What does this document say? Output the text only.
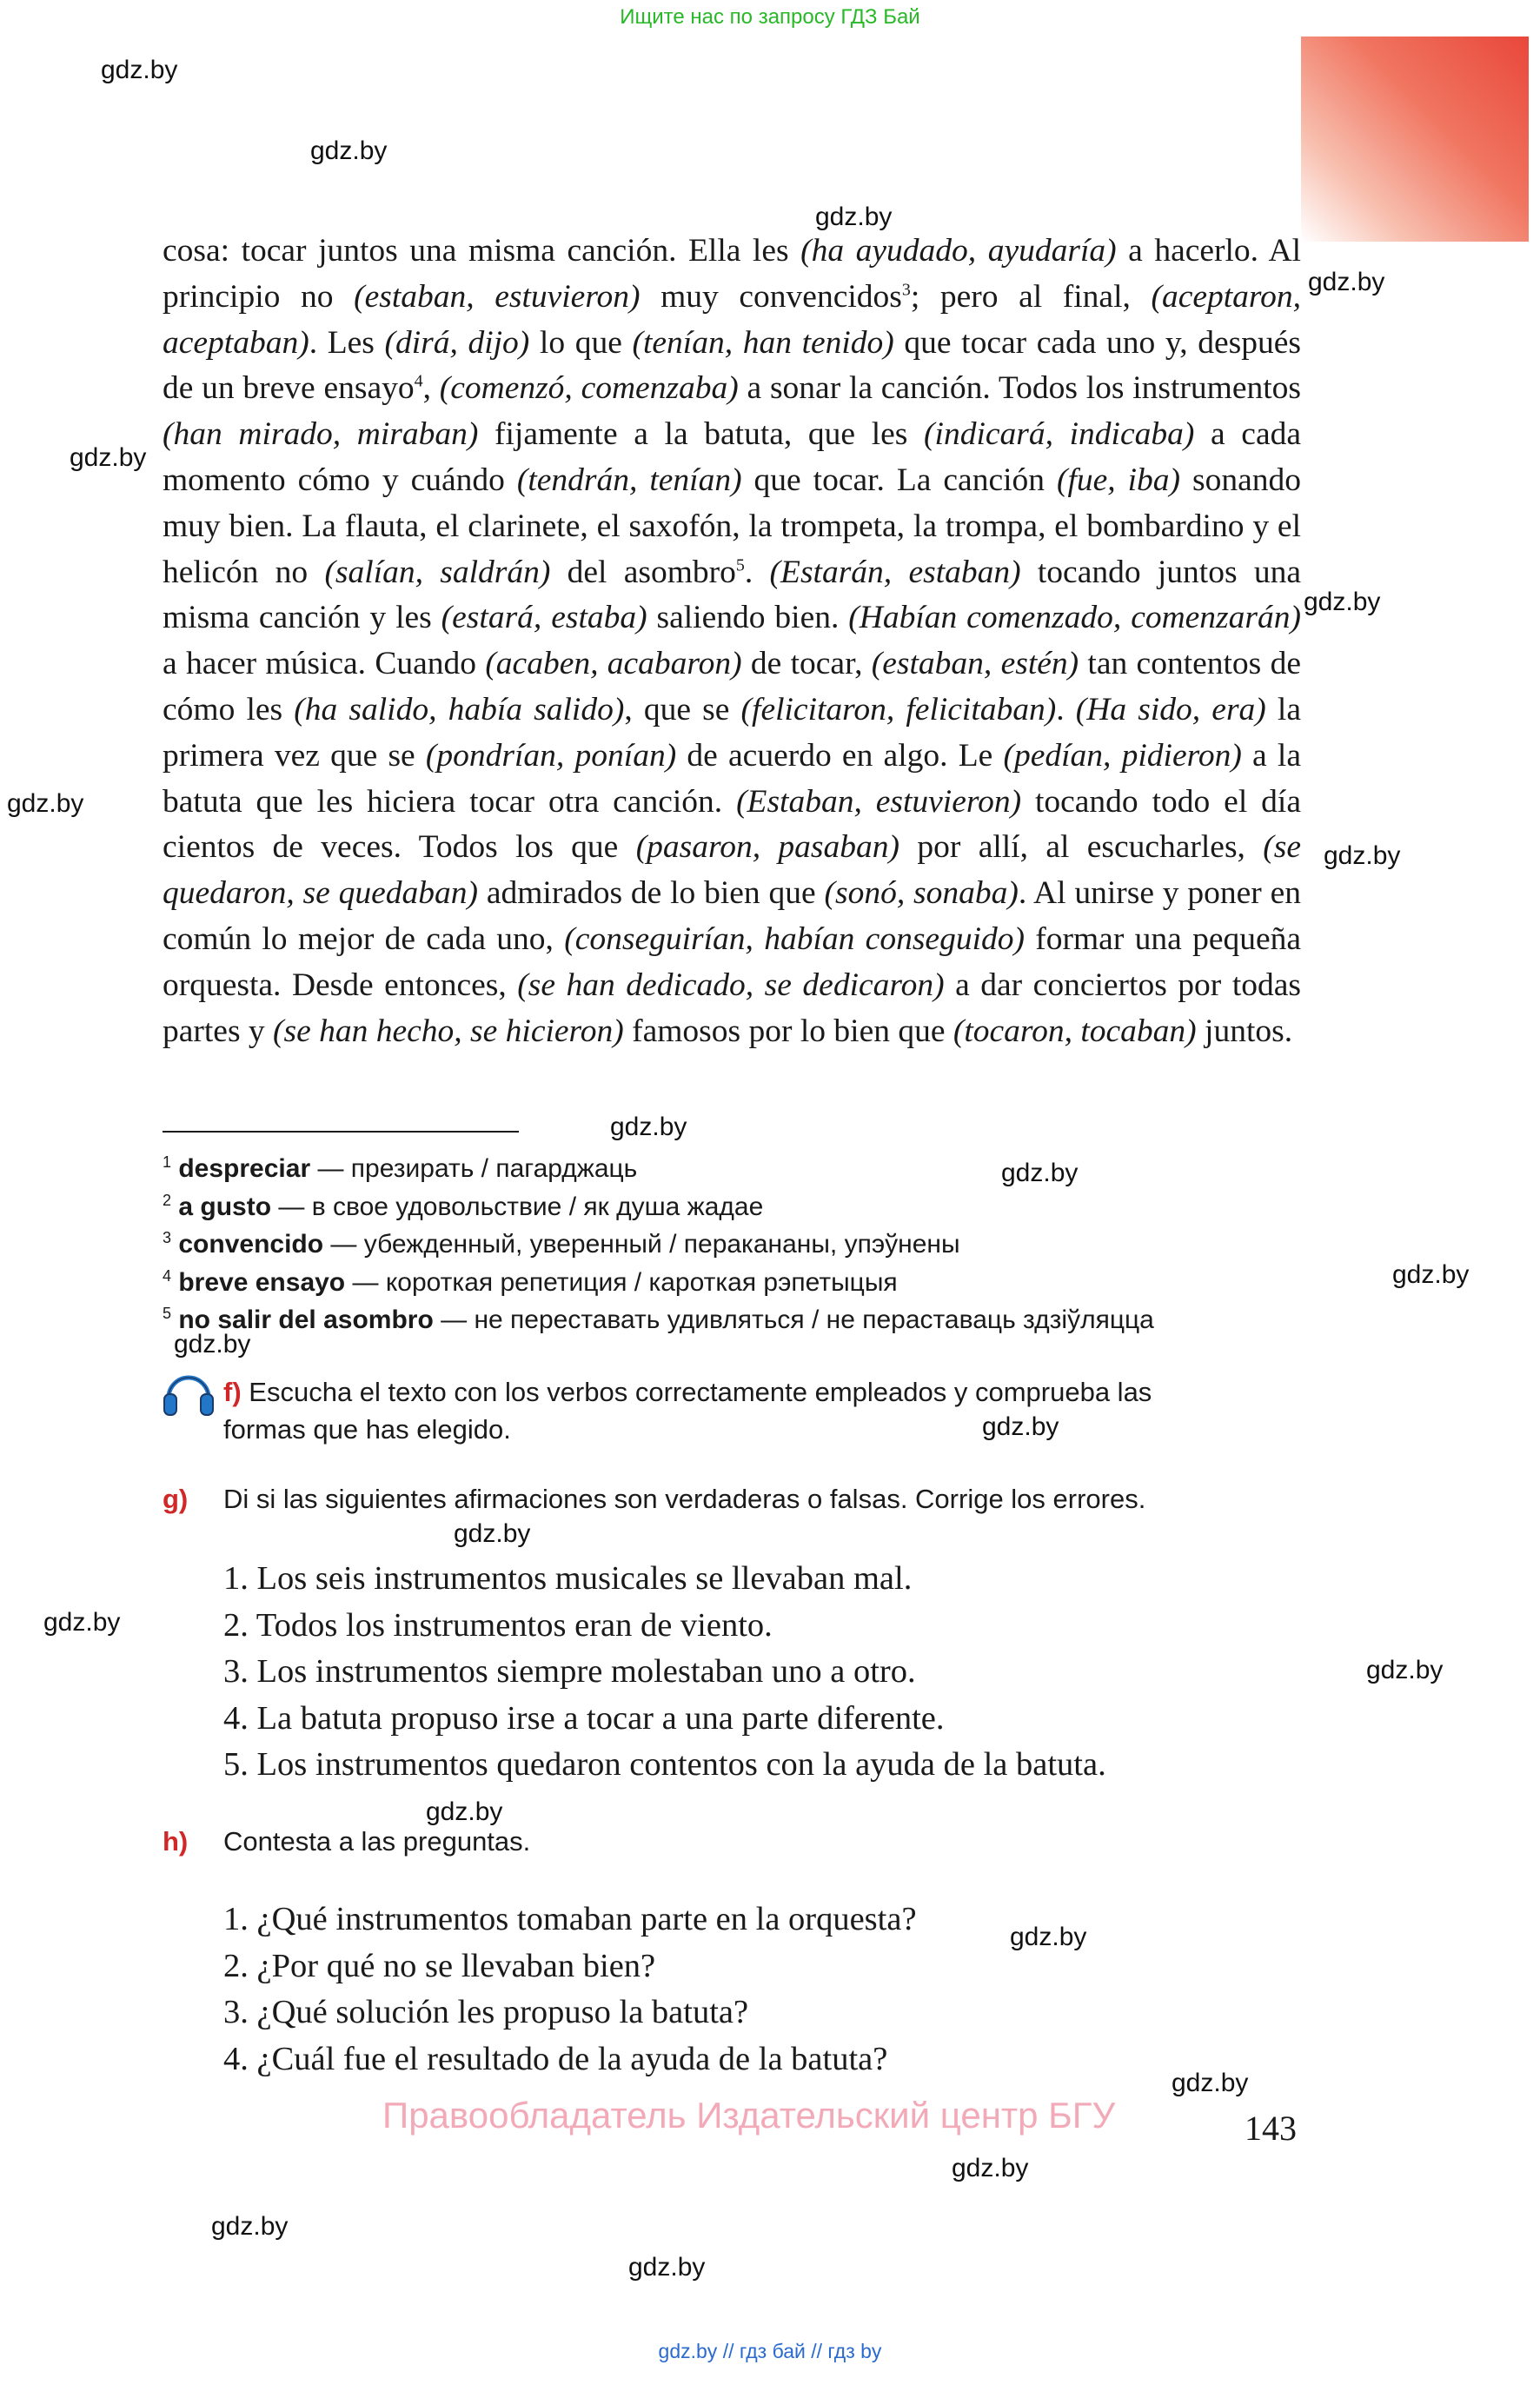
Ищите нас по запросу ГДЗ Бай
gdz.by
gdz.by
gdz.by
gdz.by
gdz.by
gdz.by
gdz.by
gdz.by
gdz.by
gdz.by
gdz.by
gdz.by
gdz.by
gdz.by
gdz.by
gdz.by
gdz.by
gdz.by
gdz.by
gdz.by
gdz.by
gdz.by

cosa: tocar juntos una misma canción. Ella les (ha ayudado, ayudaría) a hacerlo. Al principio no (estaban, estuvieron) muy convencidos$^3$; pero al final, (aceptaron, aceptaban). Les (dirá, dijo) lo que (tenían, han tenido) que tocar cada uno y, después de un breve ensayo$^4$, (comenzó, comenzaba) a sonar la canción. Todos los instrumentos (han mirado, miraban) fijamente a la batuta, que les (indicará, indicaba) a cada momento cómo y cuándo (tendrán, tenían) que tocar. La canción (fue, iba) sonando muy bien. La flauta, el clarinete, el saxofón, la trompeta, la trompa, el bombardino y el helicón no (salían, saldrán) del asombro$^5$. (Estarán, estaban) tocando juntos una misma canción y les (estará, estaba) saliendo bien. (Habían comenzado, comenzarán) a hacer música. Cuando (acaben, acabaron) de tocar, (estaban, estén) tan contentos de cómo les (ha salido, había salido), que se (felicitaron, felicitaban). (Ha sido, era) la primera vez que se (pondrían, ponían) de acuerdo en algo. Le (pedían, pidieron) a la batuta que les hiciera tocar otra canción. (Estaban, estuvieron) tocando todo el día cientos de veces. Todos los que (pasaron, pasaban) por allí, al escucharles, (se quedaron, se quedaban) admirados de lo bien que (sonó, sonaba). Al unirse y poner en común lo mejor de cada uno, (conseguirían, habían conseguido) formar una pequeña orquesta. Desde entonces, (se han dedicado, se dedicaron) a dar conciertos por todas partes y (se han hecho, se hicieron) famosos por lo bien que (tocaron, tocaban) juntos.

$^1$ despreciar — презирать / пагарджаць
$^2$ a gusto — в свое удовольствие / як душа жадае
$^3$ convencido — убежденный, уверенный / перакананы, упэўнены
$^4$ breve ensayo — короткая репетиция / кароткая рэпетыцыя
$^5$ no salir del asombro — не переставать удивляться / не пераставаць здзіўляцца
f) Escucha el texto con los verbos correctamente empleados y comprueba las
formas que has elegido.
g) Di si las siguientes afirmaciones son verdaderas o falsas. Corrige los errores.
1. Los seis instrumentos musicales se llevaban mal.
2. Todos los instrumentos eran de viento.
3. Los instrumentos siempre molestaban uno a otro.
4. La batuta propuso irse a tocar a una parte diferente.
5. Los instrumentos quedaron contentos con la ayuda de la batuta.
h) Contesta a las preguntas.
1. ¿Qué instrumentos tomaban parte en la orquesta?
2. ¿Por qué no se llevaban bien?
3. ¿Qué solución les propuso la batuta?
4. ¿Cuál fue el resultado de la ayuda de la batuta?
Правообладатель Издательский центр БГУ	143
gdz.by // гдз бай // гдз by
